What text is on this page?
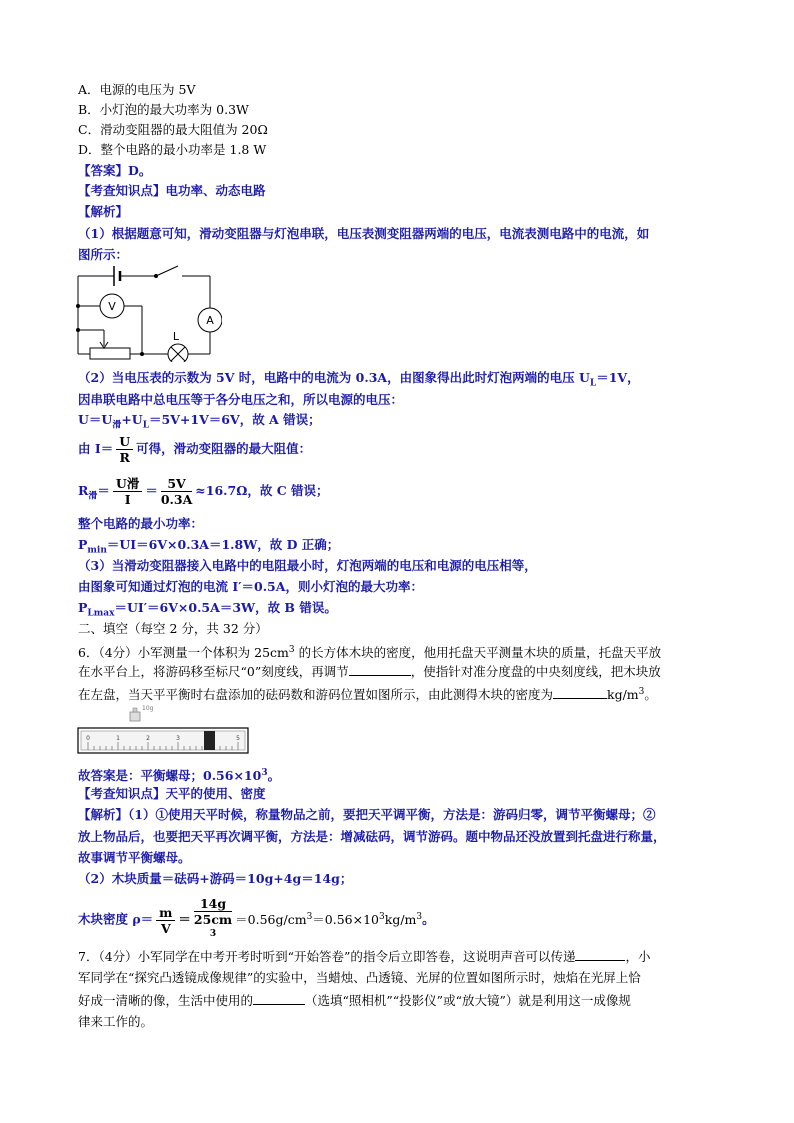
A．电源的电压为 5V
B．小灯泡的最大功率为 0.3W
C．滑动变阻器的最大阻值为 20Ω
D．整个电路的最小功率是 1.8 W
【答案】D。
【考查知识点】电功率、动态电路
【解析】
（1）根据题意可知，滑动变阻器与灯泡串联，电压表测变阻器两端的电压，电流表测电路中的电流，如
图所示：
V
A
L
（2）当电压表的示数为 5V 时，电路中的电流为 0.3A，由图象得出此时灯泡两端的电压 $U_L=1V$，
因串联电路中总电压等于各分电压之和，所以电源的电压：
$U=U_滑+U_L=5V+1V=6V$，故 A 错误；
由 $I= \frac{U}{R}$ 可得，滑动变阻器的最大阻值：
$R_滑= \frac{\text{U滑}}{I} = \frac{5V}{0.3A} \approx 16.7\Omega$，故 C 错误；
整个电路的最小功率：
$P_{min}=UI=6V\times 0.3A=1.8W$，故 D 正确；
（3）当滑动变阻器接入电路中的电阻最小时，灯泡两端的电压和电源的电压相等，
由图象可知通过灯泡的电流 I′＝0.5A，则小灯泡的最大功率：
$P_{Lmax}=UI'=6V\times 0.5A=3W$，故 B 错误。
二、填空（每空 2 分，共 32 分）
6．（4分）小军测量一个体积为 $25cm^3$ 的长方体木块的密度，他用托盘天平测量木块的质量，托盘天平放
在水平台上，将游码移至标尺“0”刻度线，再调节	，使指针对准分度盘的中央刻度线，把木块放
在左盘，当天平平衡时右盘添加的砝码数和游码位置如图所示，由此测得木块的密度为	$kg/m^3$。
10g
0	1	2	3	5
故答案是：平衡螺母；$0.56\times 10^3$。
【考查知识点】天平的使用、密度
【解析】（1）①使用天平时候，称量物品之前，要把天平调平衡，方法是：游码归零，调节平衡螺母；②
放上物品后，也要把天平再次调平衡，方法是：增减砝码，调节游码。题中物品还没放置到托盘进行称量，
故事调节平衡螺母。
（2）木块质量＝砝码+游码＝10g+4g＝14g；
木块密度 $\rho= \frac{m}{V} = 14g$
25cm
$^3 =0.56g/cm^3=0.56\times 10^3kg/m^3$。
7．（4分）小军同学在中考开考时听到“开始答卷”的指令后立即答卷，这说明声音可以传递	，小
军同学在“探究凸透镜成像规律”的实验中，当蜡烛、凸透镜、光屏的位置如图所示时，烛焰在光屏上恰
好成一清晰的像，生活中使用的	（选填“照相机”“投影仪”或“放大镜”）就是利用这一成像规
律来工作的。
